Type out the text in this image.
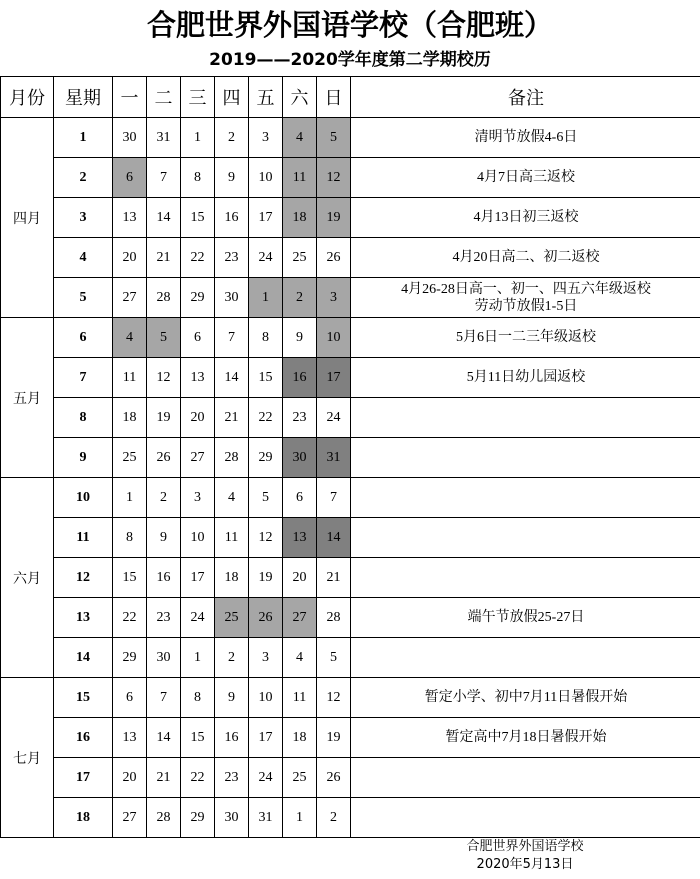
合肥世界外国语学校（合肥班）
2019——2020学年度第二学期校历
月份	星期	一	二	三	四	五	六	日	备注
四月	1	30	31	1	2	3	4	5	清明节放假4-6日

	2	6	7	8	9	10	11	12	4月7日高三返校

	3	13	14	15	16	17	18	19	4月13日初三返校

	4	20	21	22	23	24	25	26	4月20日高二、初二返校

	5	27	28	29	30	1	2	3	4月26-28日高一、初一、四五六年级返校
劳动节放假1-5日

五月	6	4	5	6	7	8	9	10	5月6日一二三年级返校

	7	11	12	13	14	15	16	17	5月11日幼儿园返校

	8	18	19	20	21	22	23	24	
	9	25	26	27	28	29	30	31	
六月	10	1	2	3	4	5	6	7	
	11	8	9	10	11	12	13	14	
	12	15	16	17	18	19	20	21	
	13	22	23	24	25	26	27	28	端午节放假25-27日

	14	29	30	1	2	3	4	5	
七月	15	6	7	8	9	10	11	12	暂定小学、初中7月11日暑假开始

	16	13	14	15	16	17	18	19	暂定高中7月18日暑假开始

	17	20	21	22	23	24	25	26	
	18	27	28	29	30	31	1	2	
合肥世界外国语学校
2020年5月13日
